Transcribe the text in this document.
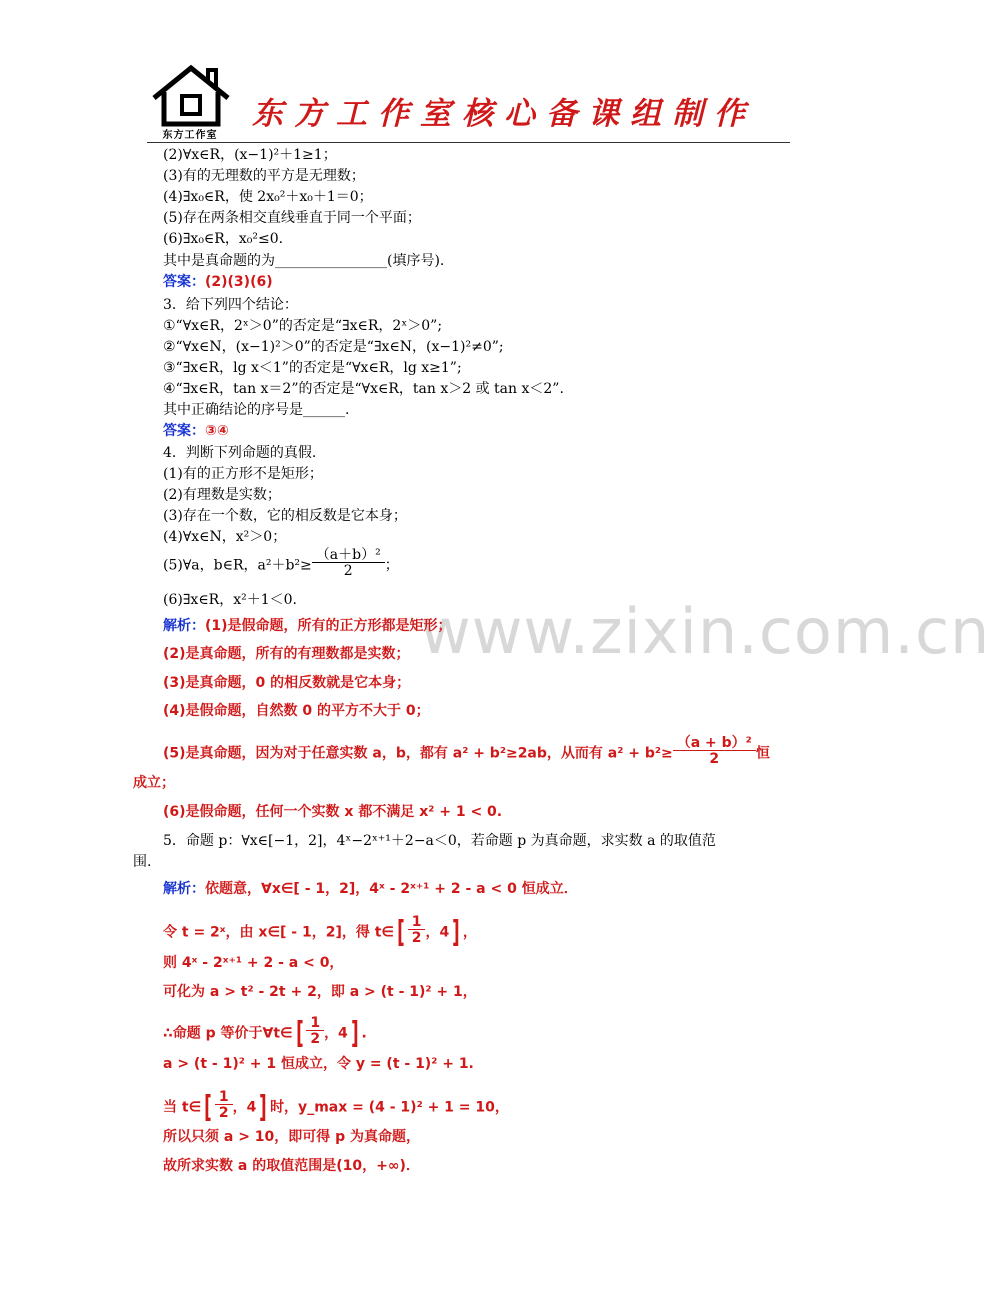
东方工作室
东方工作室核心备课组制作
www.zixin.com.cn
(2)∀x∈R，(x−1)²＋1≥1；
(3)有的无理数的平方是无理数；
(4)∃x₀∈R，使 2x₀²＋x₀＋1＝0；
(5)存在两条相交直线垂直于同一个平面；
(6)∃x₀∈R，x₀²≤0.
其中是真命题的为________________(填序号).
答案：(2)(3)(6)
3．给下列四个结论：
①“∀x∈R，2ˣ＞0”的否定是“∃x∈R，2ˣ＞0”;
②“∀x∈N，(x−1)²＞0”的否定是“∃x∈N，(x−1)²≠0”;
③“∃x∈R，lg x＜1”的否定是“∀x∈R，lg x≥1”;
④“∃x∈R，tan x＝2”的否定是“∀x∈R，tan x＞2 或 tan x＜2”.
其中正确结论的序号是______.
答案：③④
4．判断下列命题的真假.
(1)有的正方形不是矩形；
(2)有理数是实数；
(3)存在一个数，它的相反数是它本身；
(4)∀x∈N，x²＞0；
(5)∀a，b∈R，$a^2+b^2\ge \frac{\text{（a＋b）²}}{2}$ ；
(6)∃x∈R，x²＋1＜0.
解析：(1)是假命题，所有的正方形都是矩形；
(2)是真命题，所有的有理数都是实数；
(3)是真命题，0 的相反数就是它本身；
(4)是假命题，自然数 0 的平方不大于 0；
(5)是真命题，因为对于任意实数 a，b，都有 a² + b²≥2ab，从而有 $a^2 + b^2\ge \frac{\text{（a + b）²}}{2}$ 恒
成立；
(6)是假命题，任何一个实数 x 都不满足 x² + 1 < 0.
5．命题 p：∀x∈[−1，2]，4ˣ−2ˣ⁺¹＋2−a＜0，若命题 p 为真命题，求实数 a 的取值范
围.
解析：依题意，∀x∈[ - 1，2]，4ˣ - 2ˣ⁺¹ + 2 - a < 0 恒成立．
令 t = 2ˣ，由 x∈[ - 1，2]，得 t∈ [ $\frac{1}{2}$ ，4 ] ，
则 4ˣ - 2ˣ⁺¹ + 2 - a < 0，
可化为 a > t² - 2t + 2，即 a > (t - 1)² + 1，
∴命题 p 等价于∀t∈ [ $\frac{1}{2}$ ，4 ] .
a > (t - 1)² + 1 恒成立，令 y = (t - 1)² + 1.
当 t∈ [ $\frac{1}{2}$ ，4 ] 时，y_max = (4 - 1)² + 1 = 10，
所以只须 a > 10，即可得 p 为真命题，
故所求实数 a 的取值范围是(10，+∞)．
